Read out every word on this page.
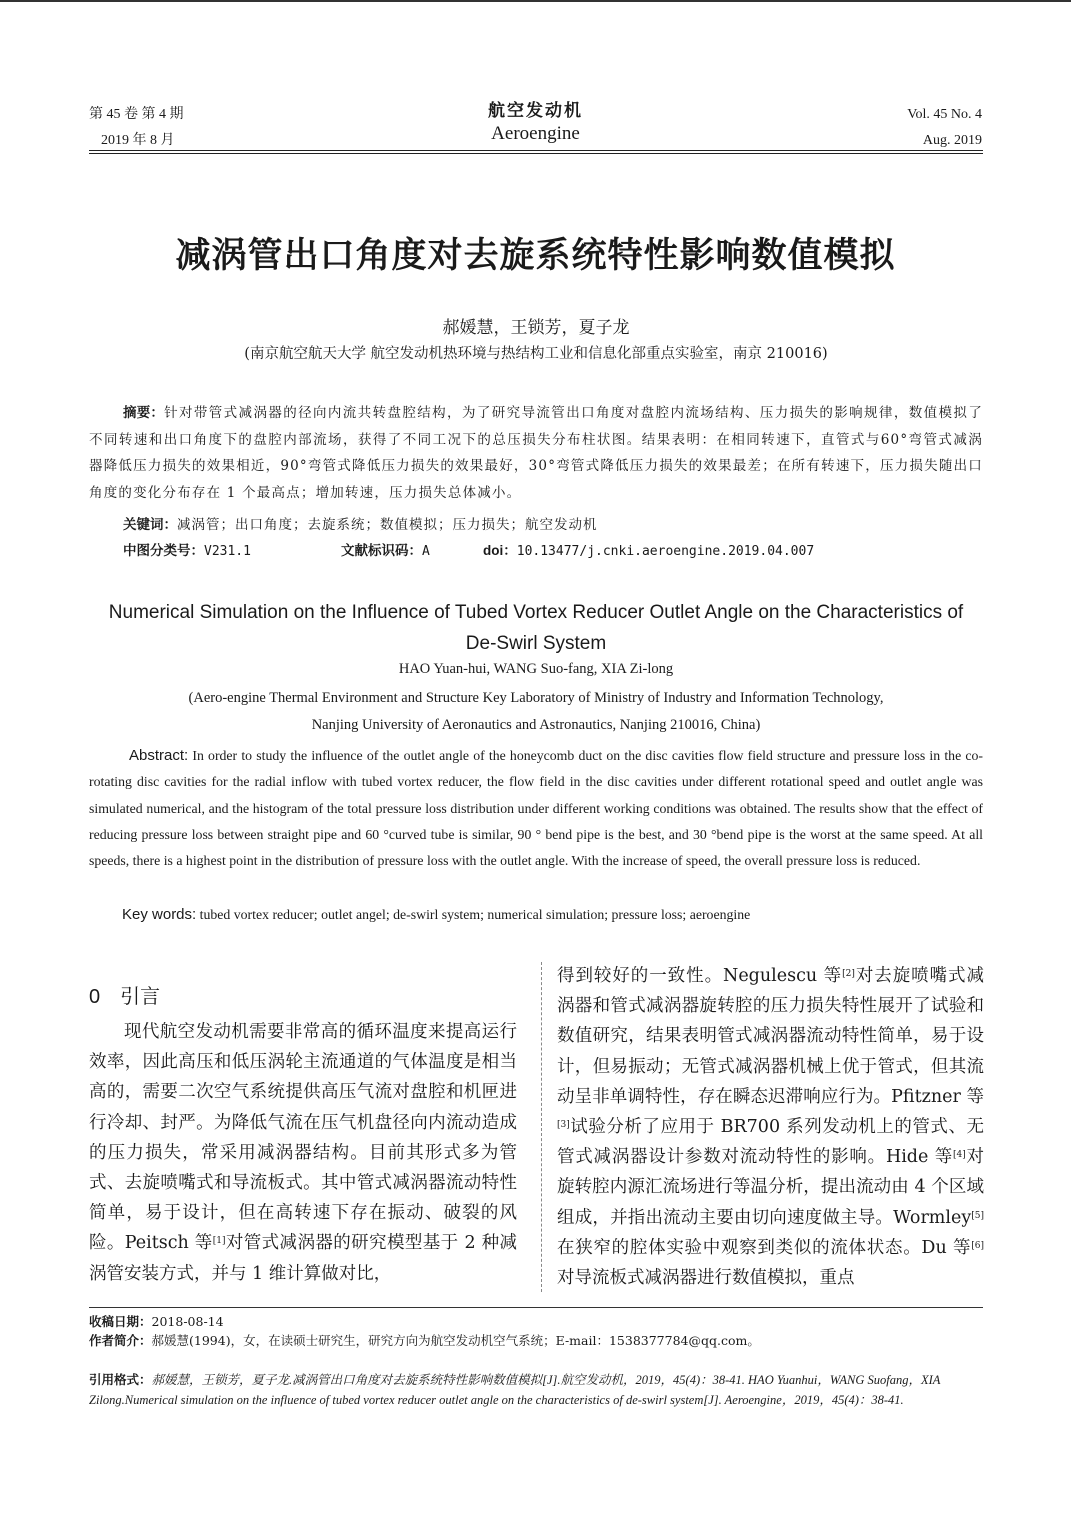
第 45 卷 第 4 期
2019 年 8 月
航空发动机
Aeroengine
Vol. 45 No. 4
Aug. 2019
减涡管出口角度对去旋系统特性影响数值模拟
郝媛慧，王锁芳，夏子龙
(南京航空航天大学 航空发动机热环境与热结构工业和信息化部重点实验室，南京 210016)
摘要：针对带管式减涡器的径向内流共转盘腔结构，为了研究导流管出口角度对盘腔内流场结构、压力损失的影响规律，数值模拟了不同转速和出口角度下的盘腔内部流场，获得了不同工况下的总压损失分布柱状图。结果表明：在相同转速下，直管式与60°弯管式减涡器降低压力损失的效果相近，90°弯管式降低压力损失的效果最好，30°弯管式降低压力损失的效果最差；在所有转速下，压力损失随出口角度的变化分布存在 1 个最高点；增加转速，压力损失总体减小。
关键词：减涡管；出口角度；去旋系统；数值模拟；压力损失；航空发动机
中图分类号：V231.1	文献标识码：A	doi：10.13477/j.cnki.aeroengine.2019.04.007
Numerical Simulation on the Influence of Tubed Vortex Reducer Outlet Angle on the Characteristics of
De-Swirl System
HAO Yuan-hui, WANG Suo-fang, XIA Zi-long
(Aero-engine Thermal Environment and Structure Key Laboratory of Ministry of Industry and Information Technology,
Nanjing University of Aeronautics and Astronautics, Nanjing 210016, China)
Abstract: In order to study the influence of the outlet angle of the honeycomb duct on the disc cavities flow field structure and pressure loss in the co-rotating disc cavities for the radial inflow with tubed vortex reducer, the flow field in the disc cavities under different rotational speed and outlet angle was simulated numerical, and the histogram of the total pressure loss distribution under different working conditions was obtained. The results show that the effect of reducing pressure loss between straight pipe and 60 °curved tube is similar, 90 ° bend pipe is the best, and 30 °bend pipe is the worst at the same speed. At all speeds, there is a highest point in the distribution of pressure loss with the outlet angle. With the increase of speed, the overall pressure loss is reduced.
Key words: tubed vortex reducer; outlet angel; de-swirl system; numerical simulation; pressure loss; aeroengine
0 引言
现代航空发动机需要非常高的循环温度来提高运行效率，因此高压和低压涡轮主流通道的气体温度是相当高的，需要二次空气系统提供高压气流对盘腔和机匣进行冷却、封严。为降低气流在压气机盘径向内流动造成的压力损失，常采用减涡器结构。目前其形式多为管式、去旋喷嘴式和导流板式。其中管式减涡器流动特性简单，易于设计，但在高转速下存在振动、破裂的风险。Peitsch 等[1]对管式减涡器的研究模型基于 2 种减涡管安装方式，并与 1 维计算做对比，
得到较好的一致性。Negulescu 等[2]对去旋喷嘴式减涡器和管式减涡器旋转腔的压力损失特性展开了试验和数值研究，结果表明管式减涡器流动特性简单，易于设计，但易振动；无管式减涡器机械上优于管式，但其流动呈非单调特性，存在瞬态迟滞响应行为。Pfitzner 等[3]试验分析了应用于 BR700 系列发动机上的管式、无管式减涡器设计参数对流动特性的影响。Hide 等[4]对旋转腔内源汇流场进行等温分析，提出流动由 4 个区域组成，并指出流动主要由切向速度做主导。Wormley[5]在狭窄的腔体实验中观察到类似的流体状态。Du 等[6]对导流板式减涡器进行数值模拟，重点
收稿日期：2018-08-14
作者简介：郝媛慧(1994)，女，在读硕士研究生，研究方向为航空发动机空气系统；E-mail：1538377784@qq.com。
引用格式：郝媛慧，王锁芳，夏子龙.减涡管出口角度对去旋系统特性影响数值模拟[J].航空发动机，2019，45(4)：38-41. HAO Yuanhui，WANG Suofang，XIA Zilong.Numerical simulation on the influence of tubed vortex reducer outlet angle on the characteristics of de-swirl system[J]. Aeroengine，2019，45(4)：38-41.
